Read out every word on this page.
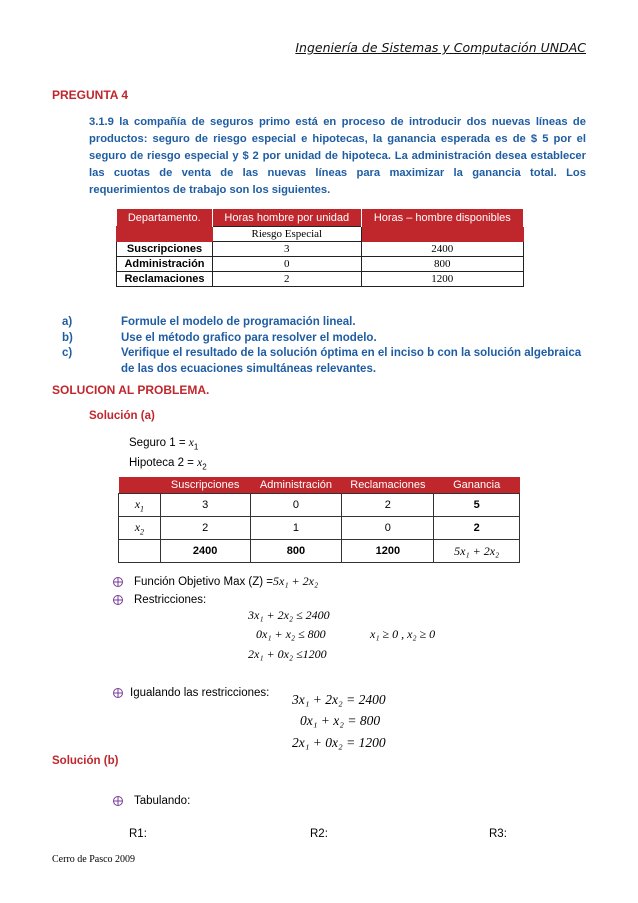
Ingeniería de Sistemas y Computación UNDAC
PREGUNTA 4
3.1.9 la compañía de seguros primo está en proceso de introducir dos nuevas líneas de productos: seguro de riesgo especial e hipotecas, la ganancia esperada es de $ 5 por el seguro de riesgo especial y $ 2 por unidad de hipoteca. La administración desea establecer las cuotas de venta de las nuevas líneas para maximizar la ganancia total. Los requerimientos de trabajo son los siguientes.
Departamento.	Horas hombre por unidad	Horas – hombre disponibles
	Riesgo Especial	
Suscripciones	3	2400
Administración	0	800
Reclamaciones	2	1200
a)	Formule el modelo de programación lineal.
b)	Use el método grafico para resolver el modelo.
c)	Verifique el resultado de la solución óptima en el inciso b con la solución algebraica de las dos ecuaciones simultáneas relevantes.
SOLUCION AL PROBLEMA.
Solución (a)
Seguro $1 = x_1$
Hipoteca $2 = x_2$
	Suscripciones	Administración	Reclamaciones	Ganancia
$x_1$	3	0	2	5
$x_2$	2	1	0	2
	2400	800	1200	5x₁ + 2x₂
Función Objetivo Max (Z) = 5x₁ + 2x₂
Restricciones:
3x₁ + 2x₂ ≤ 2400
0x₁ + x₂ ≤ 800	x₁ ≥ 0 , x₂ ≥ 0
2x₁ + 0x₂ ≤1200
Igualando las restricciones: 3x₁ + 2x₂ = 2400
0x₁ + x₂ = 800
2x₁ + 0x₂ = 1200
Solución (b)
Tabulando:
R1:	R2:	R3:
Cerro de Pasco 2009
